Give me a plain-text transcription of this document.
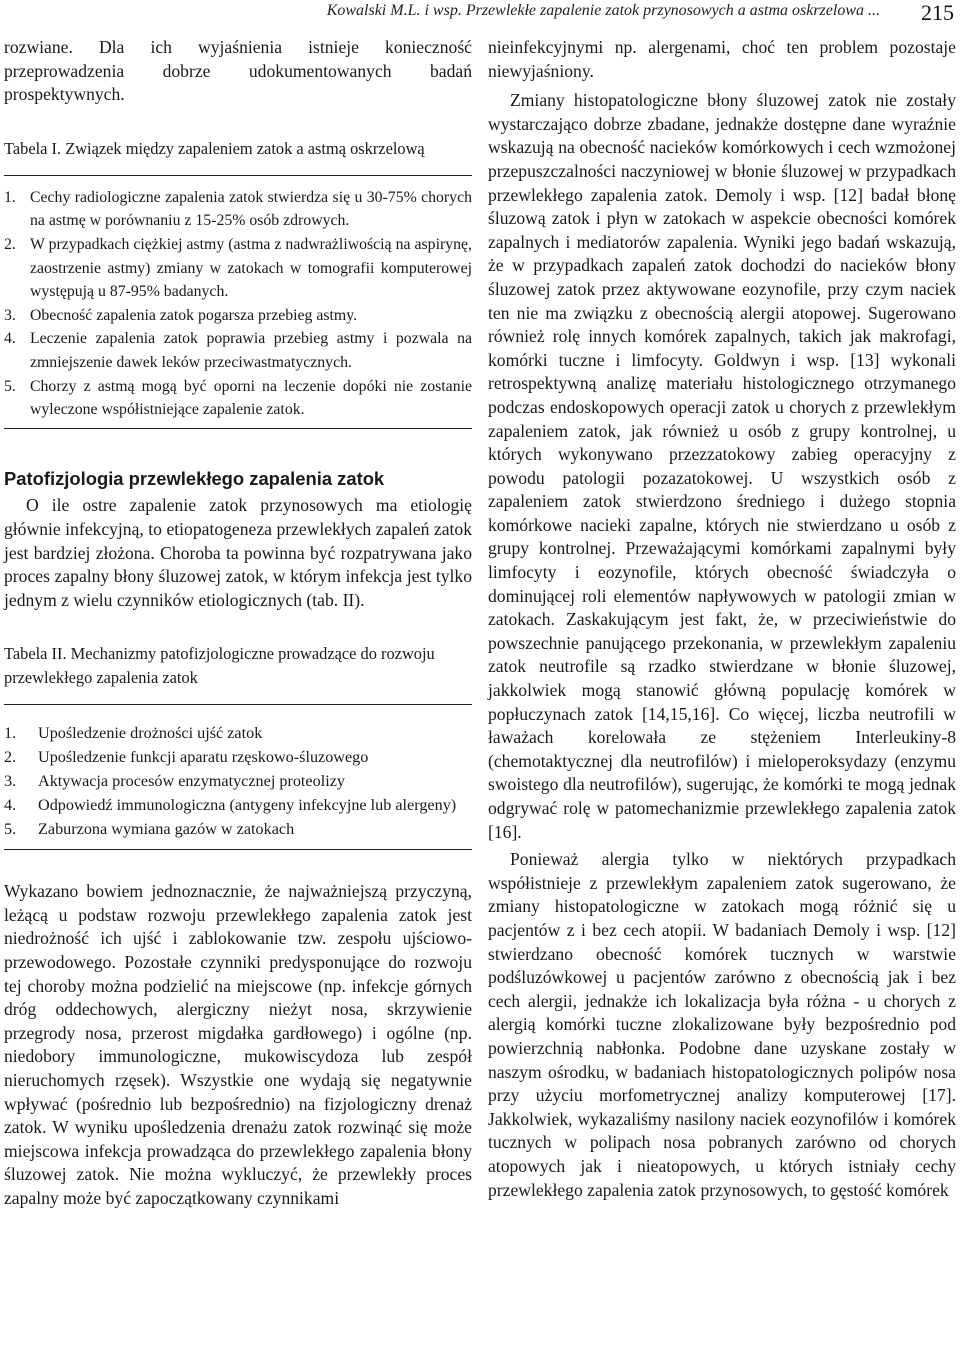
Kowalski M.L. i wsp. Przewlekłe zapalenie zatok przynosowych a astma oskrzelowa ... 215

rozwiane. Dla ich wyjaśnienia istnieje konieczność przeprowadzenia dobrze udokumentowanych badań prospektywnych.

Tabela I. Związek między zapaleniem zatok a astmą oskrzelową
1. Cechy radiologiczne zapalenia zatok stwierdza się u 30-75% chorych na astmę w porównaniu z 15-25% osób zdrowych.
2. W przypadkach ciężkiej astmy (astma z nadwrażliwością na aspirynę, zaostrzenie astmy) zmiany w zatokach w tomografii komputerowej występują u 87-95% badanych.
3. Obecność zapalenia zatok pogarsza przebieg astmy.
4. Leczenie zapalenia zatok poprawia przebieg astmy i pozwala na zmniejszenie dawek leków przeciwastmatycznych.
5. Chorzy z astmą mogą być oporni na leczenie dopóki nie zostanie wyleczone współistniejące zapalenie zatok.
Patofizjologia przewlekłego zapalenia zatok

O ile ostre zapalenie zatok przynosowych ma etiologię głównie infekcyjną, to etiopatogeneza przewlekłych zapaleń zatok jest bardziej złożona. Choroba ta powinna być rozpatrywana jako proces zapalny błony śluzowej zatok, w którym infekcja jest tylko jednym z wielu czynników etiologicznych (tab. II).

Tabela II. Mechanizmy patofizjologiczne prowadzące do rozwoju przewlekłego zapalenia zatok
1.	Upośledzenie drożności ujść zatok
2.	Upośledzenie funkcji aparatu rzęskowo-śluzowego
3.	Aktywacja procesów enzymatycznej proteolizy
4.	Odpowiedź immunologiczna (antygeny infekcyjne lub alergeny)
5.	Zaburzona wymiana gazów w zatokach

Wykazano bowiem jednoznacznie, że najważniejszą przyczyną, leżącą u podstaw rozwoju przewlekłego zapalenia zatok jest niedrożność ich ujść i zablokowanie tzw. zespołu ujściowo-przewodowego. Pozostałe czynniki predysponujące do rozwoju tej choroby można podzielić na miejscowe (np. infekcje górnych dróg oddechowych, alergiczny nieżyt nosa, skrzywienie przegrody nosa, przerost migdałka gardłowego) i ogólne (np. niedobory immunologiczne, mukowiscydoza lub zespół nieruchomych rzęsek). Wszystkie one wydają się negatywnie wpływać (pośrednio lub bezpośrednio) na fizjologiczny drenaż zatok. W wyniku upośledzenia drenażu zatok rozwinąć się może miejscowa infekcja prowadząca do przewlekłego zapalenia błony śluzowej zatok. Nie można wykluczyć, że przewlekły proces zapalny może być zapoczątkowany czynnikami

nieinfekcyjnymi np. alergenami, choć ten problem pozostaje niewyjaśniony.

Zmiany histopatologiczne błony śluzowej zatok nie zostały wystarczająco dobrze zbadane, jednakże dostępne dane wyraźnie wskazują na obecność nacieków komórkowych i cech wzmożonej przepuszczalności naczyniowej w błonie śluzowej w przypadkach przewlekłego zapalenia zatok. Demoly i wsp. [12] badał błonę śluzową zatok i płyn w zatokach w aspekcie obecności komórek zapalnych i mediatorów zapalenia. Wyniki jego badań wskazują, że w przypadkach zapaleń zatok dochodzi do nacieków błony śluzowej zatok przez aktywowane eozynofile, przy czym naciek ten nie ma związku z obecnością alergii atopowej. Sugerowano również rolę innych komórek zapalnych, takich jak makrofagi, komórki tuczne i limfocyty. Goldwyn i wsp. [13] wykonali retrospektywną analizę materiału histologicznego otrzymanego podczas endoskopowych operacji zatok u chorych z przewlekłym zapaleniem zatok, jak również u osób z grupy kontrolnej, u których wykonywano przezzatokowy zabieg operacyjny z powodu patologii pozazatokowej. U wszystkich osób z zapaleniem zatok stwierdzono średniego i dużego stopnia komórkowe nacieki zapalne, których nie stwierdzano u osób z grupy kontrolnej. Przeważającymi komórkami zapalnymi były limfocyty i eozynofile, których obecność świadczyła o dominującej roli elementów napływowych w patologii zmian w zatokach. Zaskakującym jest fakt, że, w przeciwieństwie do powszechnie panującego przekonania, w przewlekłym zapaleniu zatok neutrofile są rzadko stwierdzane w błonie śluzowej, jakkolwiek mogą stanowić główną populację komórek w popłuczynach zatok [14,15,16]. Co więcej, liczba neutrofili w ławażach korelowała ze stężeniem Interleukiny-8 (chemotaktycznej dla neutrofilów) i mieloperoksydazy (enzymu swoistego dla neutrofilów), sugerując, że komórki te mogą jednak odgrywać rolę w patomechanizmie przewlekłego zapalenia zatok [16].

Ponieważ alergia tylko w niektórych przypadkach współistnieje z przewlekłym zapaleniem zatok sugerowano, że zmiany histopatologiczne w zatokach mogą różnić się u pacjentów z i bez cech atopii. W badaniach Demoly i wsp. [12] stwierdzano obecność komórek tucznych w warstwie podśluzówkowej u pacjentów zarówno z obecnością jak i bez cech alergii, jednakże ich lokalizacja była różna - u chorych z alergią komórki tuczne zlokalizowane były bezpośrednio pod powierzchnią nabłonka. Podobne dane uzyskane zostały w naszym ośrodku, w badaniach histopatologicznych polipów nosa przy użyciu morfometrycznej analizy komputerowej [17]. Jakkolwiek, wykazaliśmy nasilony naciek eozynofilów i komórek tucznych w polipach nosa pobranych zarówno od chorych atopowych jak i nieatopowych, u których istniały cechy przewlekłego zapalenia zatok przynosowych, to gęstość komórek
